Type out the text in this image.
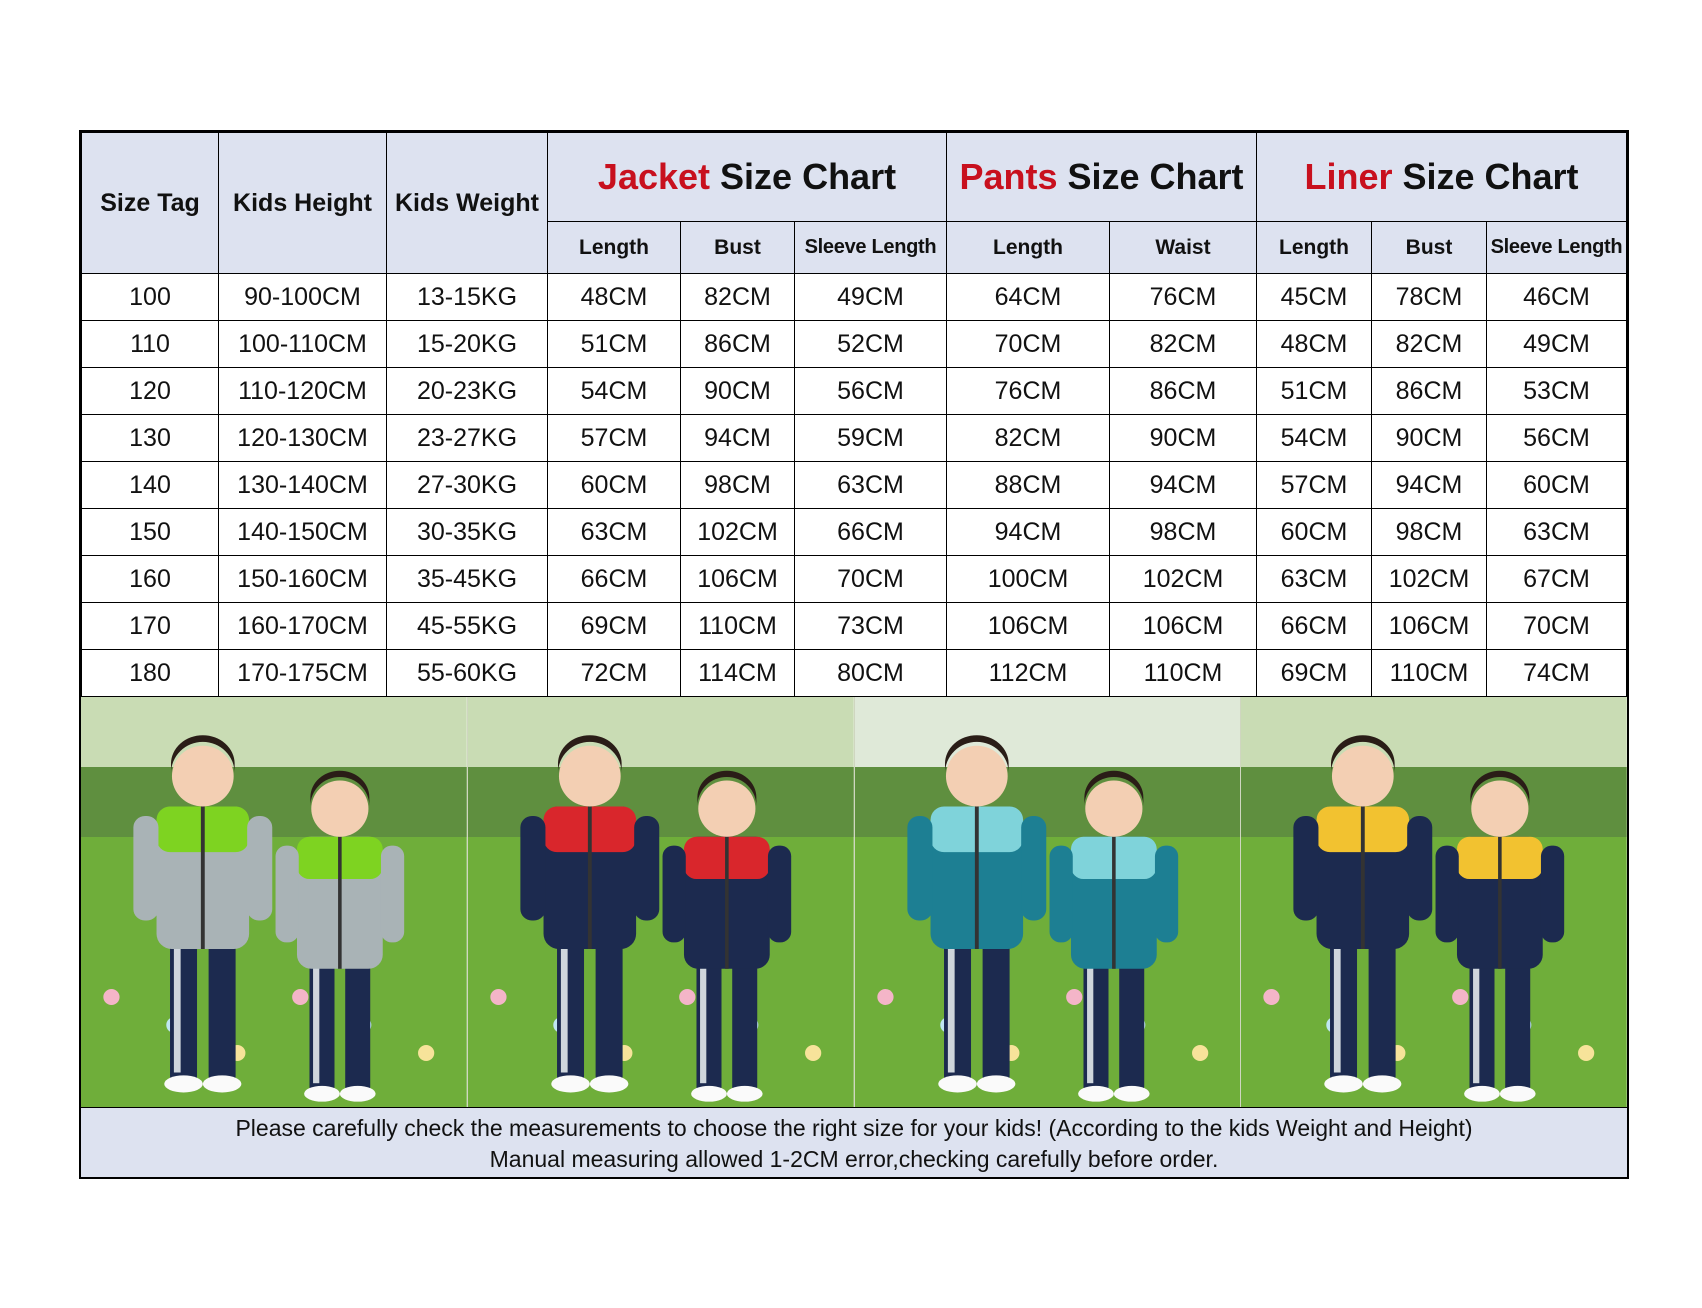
Size Tag	Kids Height	Kids Weight	Jacket Size Chart			Pants Size Chart		Liner Size Chart		
			Length	Bust	Sleeve Length	Length	Waist	Length	Bust	Sleeve Length
100	90-100CM	13-15KG	48CM	82CM	49CM	64CM	76CM	45CM	78CM	46CM
110	100-110CM	15-20KG	51CM	86CM	52CM	70CM	82CM	48CM	82CM	49CM
120	110-120CM	20-23KG	54CM	90CM	56CM	76CM	86CM	51CM	86CM	53CM
130	120-130CM	23-27KG	57CM	94CM	59CM	82CM	90CM	54CM	90CM	56CM
140	130-140CM	27-30KG	60CM	98CM	63CM	88CM	94CM	57CM	94CM	60CM
150	140-150CM	30-35KG	63CM	102CM	66CM	94CM	98CM	60CM	98CM	63CM
160	150-160CM	35-45KG	66CM	106CM	70CM	100CM	102CM	63CM	102CM	67CM
170	160-170CM	45-55KG	69CM	110CM	73CM	106CM	106CM	66CM	106CM	70CM
180	170-175CM	55-60KG	72CM	114CM	80CM	112CM	110CM	69CM	110CM	74CM
Please carefully check the measurements to choose the right size for your kids! (According to the kids Weight and Height)
Manual measuring allowed 1-2CM error,checking carefully before order.
